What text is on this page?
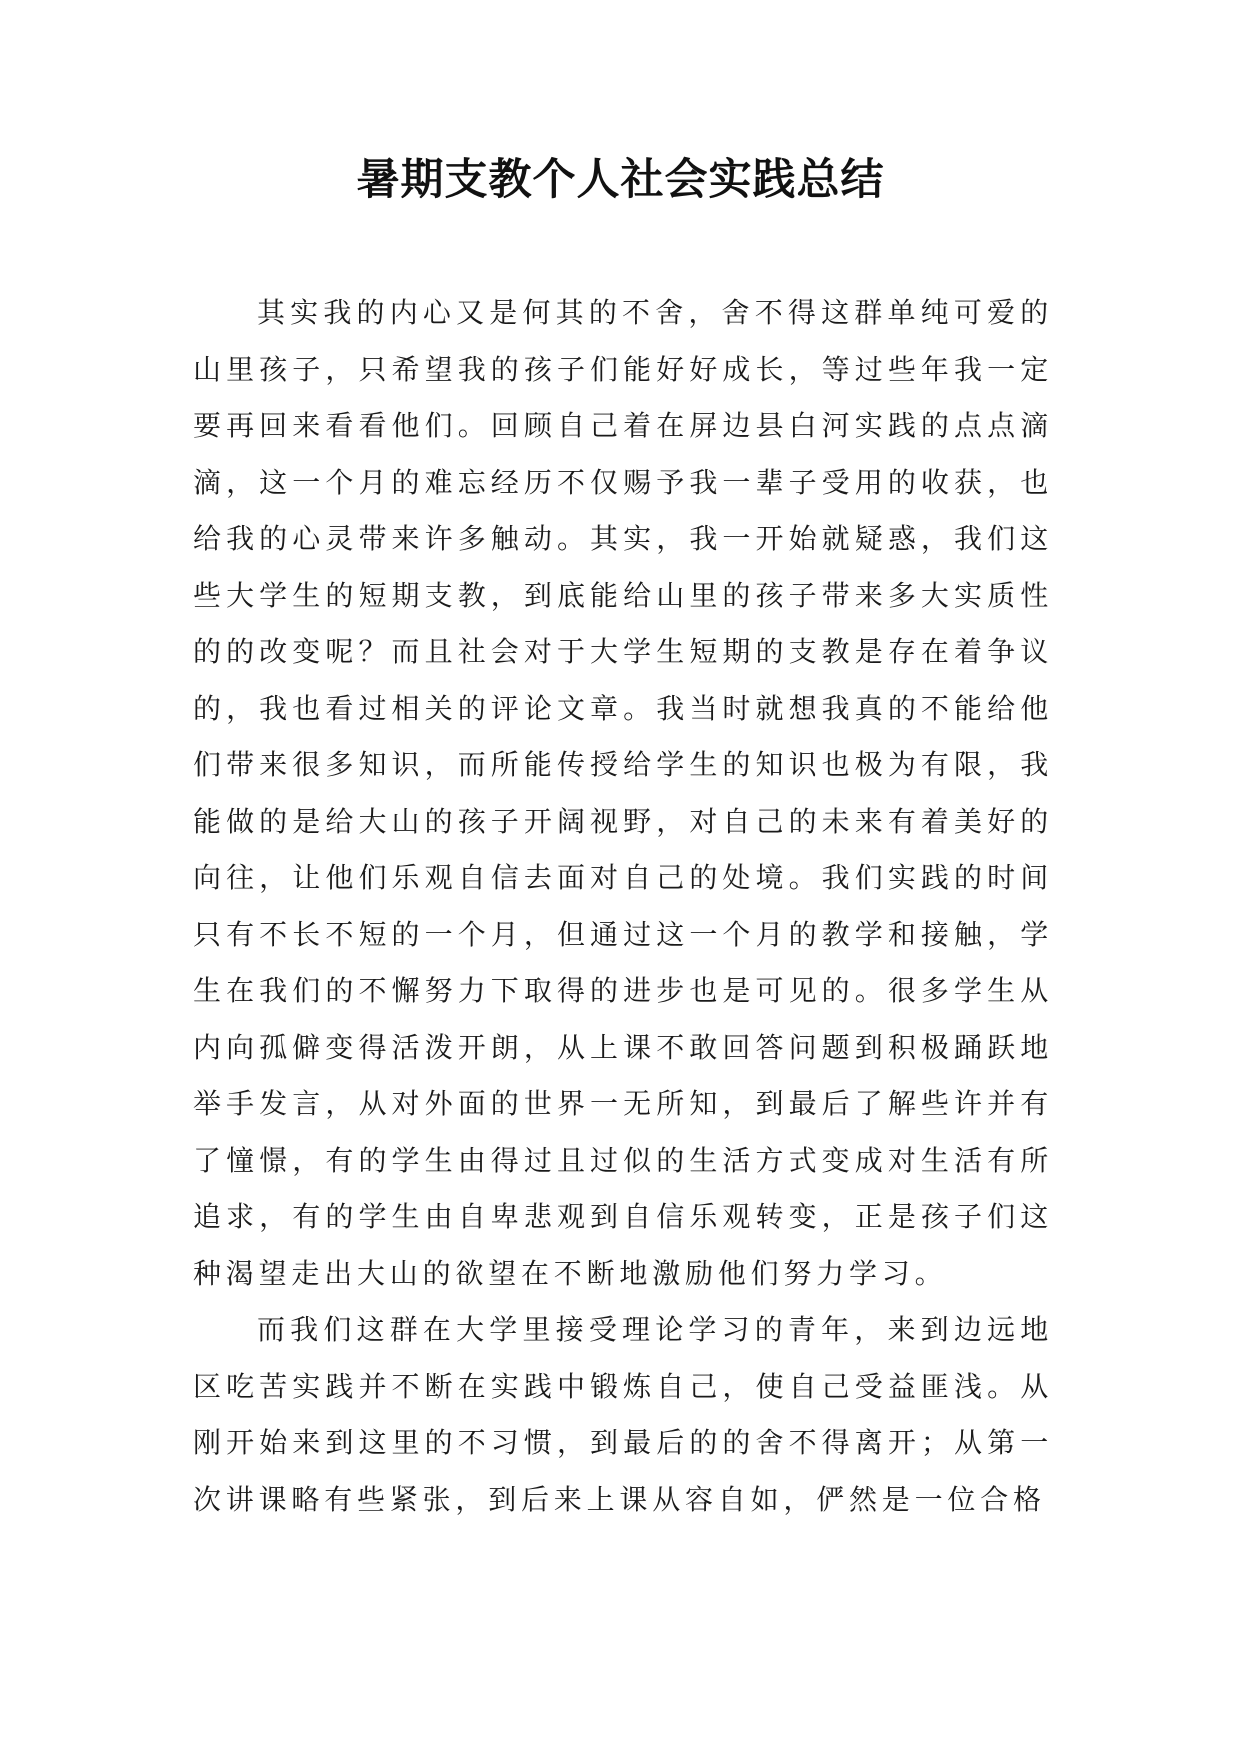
暑期支教个人社会实践总结

其实我的内心又是何其的不舍，舍不得这群单纯可爱的山里孩子，只希望我的孩子们能好好成长，等过些年我一定要再回来看看他们。回顾自己着在屏边县白河实践的点点滴滴，这一个月的难忘经历不仅赐予我一辈子受用的收获，也给我的心灵带来许多触动。其实，我一开始就疑惑，我们这些大学生的短期支教，到底能给山里的孩子带来多大实质性的的改变呢？而且社会对于大学生短期的支教是存在着争议的，我也看过相关的评论文章。我当时就想我真的不能给他们带来很多知识，而所能传授给学生的知识也极为有限，我能做的是给大山的孩子开阔视野，对自己的未来有着美好的向往，让他们乐观自信去面对自己的处境。我们实践的时间只有不长不短的一个月，但通过这一个月的教学和接触，学生在我们的不懈努力下取得的进步也是可见的。很多学生从内向孤僻变得活泼开朗，从上课不敢回答问题到积极踊跃地举手发言，从对外面的世界一无所知，到最后了解些许并有了憧憬，有的学生由得过且过似的生活方式变成对生活有所追求，有的学生由自卑悲观到自信乐观转变，正是孩子们这种渴望走出大山的欲望在不断地激励他们努力学习。

而我们这群在大学里接受理论学习的青年，来到边远地区吃苦实践并不断在实践中锻炼自己，使自己受益匪浅。从刚开始来到这里的不习惯，到最后的的舍不得离开；从第一次讲课略有些紧张，到后来上课从容自如，俨然是一位合格
